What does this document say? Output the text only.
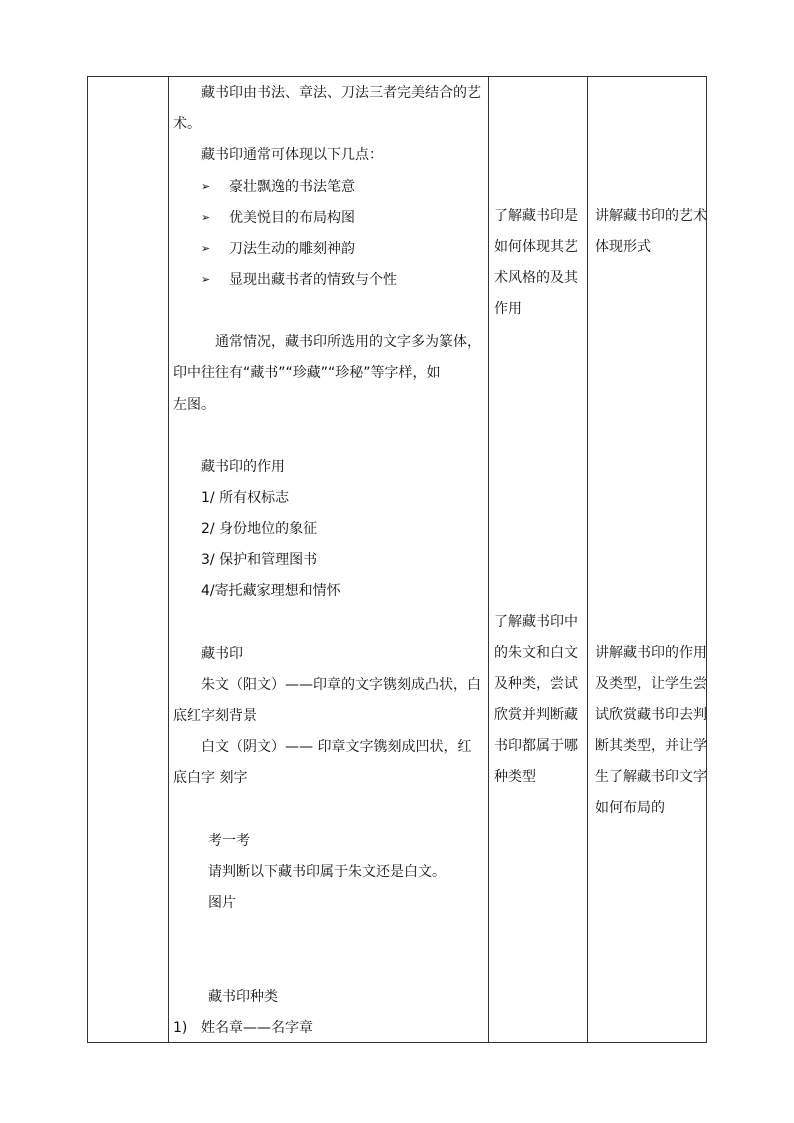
藏书印由书法、章法、刀法三者完美结合的艺
术。
藏书印通常可体现以下几点：
➢ 豪壮飘逸的书法笔意
➢ 优美悦目的布局构图
➢ 刀法生动的雕刻神韵
➢ 显现出藏书者的情致与个性
通常情况，藏书印所选用的文字多为篆体，
印中往往有“藏书”“珍藏”“珍秘”等字样，如
左图。
藏书印的作用
1/ 所有权标志
2/ 身份地位的象征
3/ 保护和管理图书
4/寄托藏家理想和情怀
藏书印
朱文（阳文）——印章的文字镌刻成凸状，白
底红字刻背景
白文（阴文）—— 印章文字镌刻成凹状，红
底白字 刻字
考一考
请判断以下藏书印属于朱文还是白文。
图片
藏书印种类
1) 姓名章——名字章
了解藏书印是如何体现其艺术风格的及其作用
了解藏书印中的朱文和白文及种类，尝试欣赏并判断藏书印都属于哪种类型
讲解藏书印的艺术体现形式
讲解藏书印的作用及类型，让学生尝试欣赏藏书印去判断其类型，并让学生了解藏书印文字如何布局的
